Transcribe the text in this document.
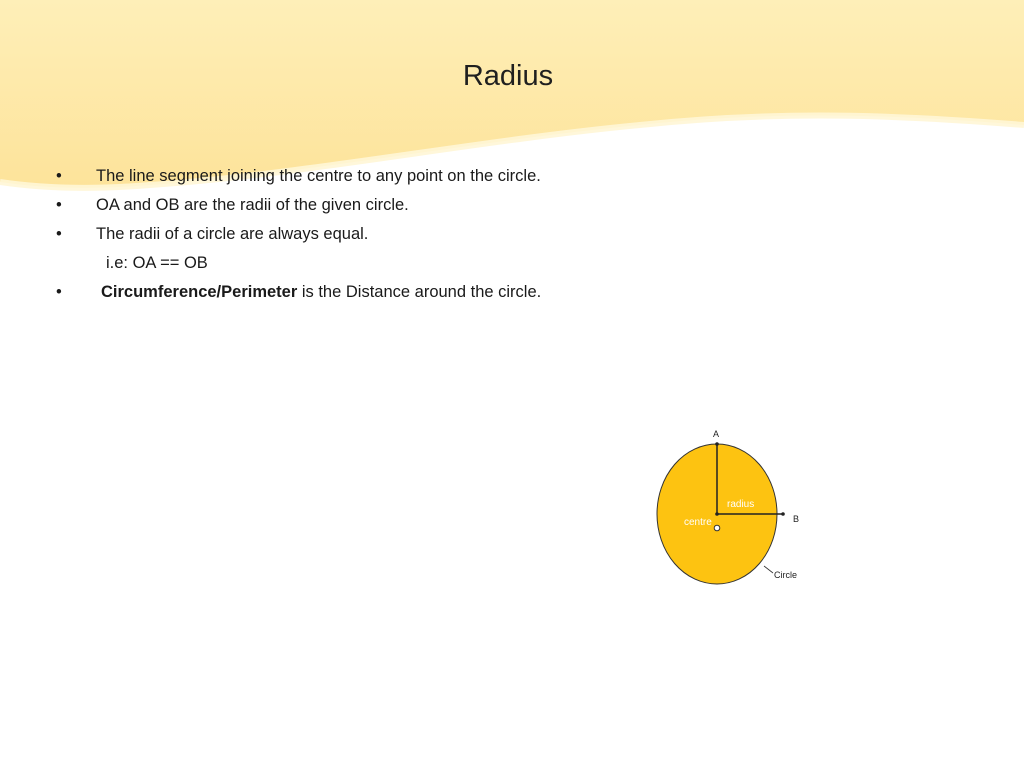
Radius
• The line segment joining the centre to any point on the circle.
• OA and OB are the radii of the given circle.
• The radii of a circle are always equal.
i.e: OA == OB
• Circumference/Perimeter is the Distance around the circle.
A
B
radius
centre
Circle
